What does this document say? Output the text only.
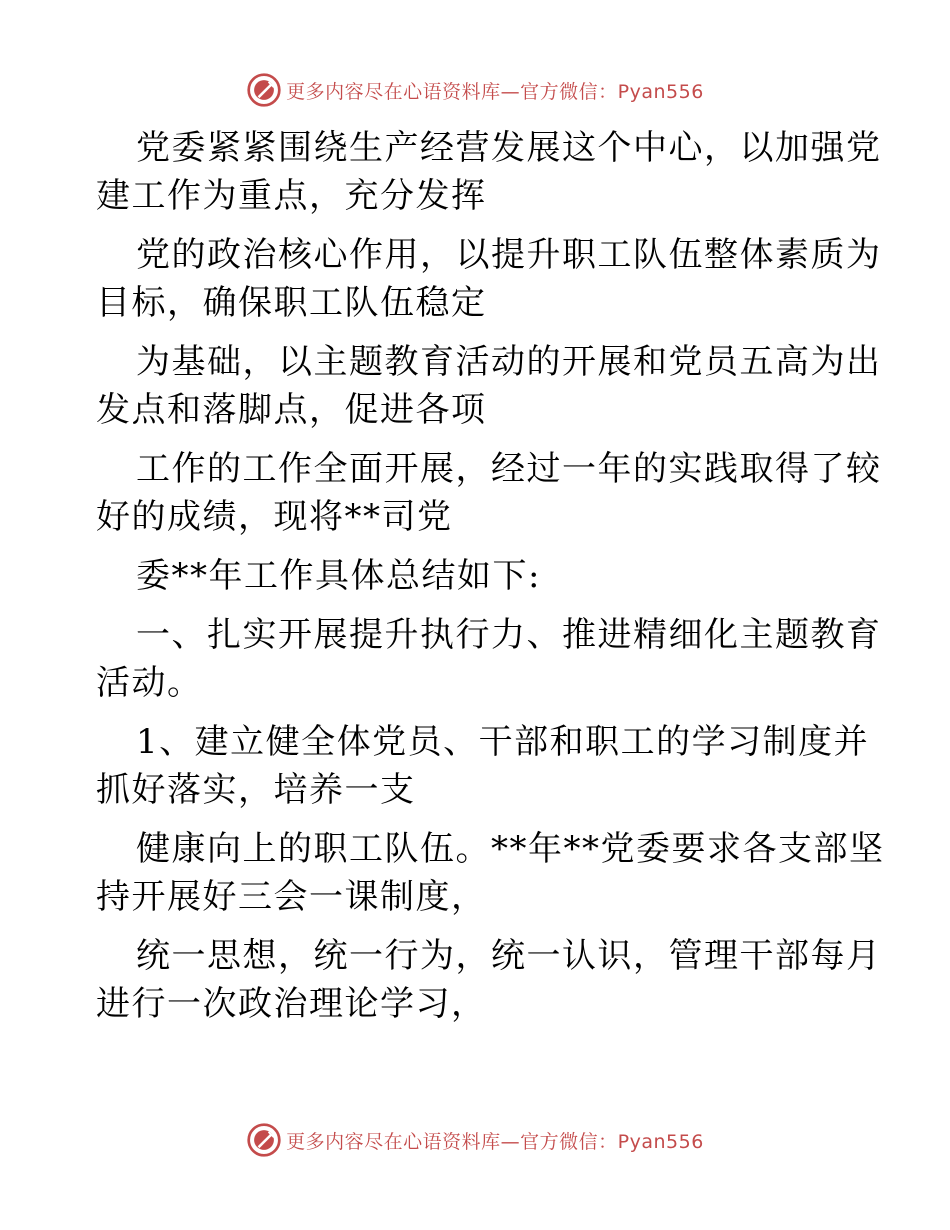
更多内容尽在心语资料库—官方微信：Pyan556
党委紧紧围绕生产经营发展这个中心，以加强党
建工作为重点，充分发挥
党的政治核心作用，以提升职工队伍整体素质为
目标，确保职工队伍稳定
为基础，以主题教育活动的开展和党员五高为出
发点和落脚点，促进各项
工作的工作全面开展，经过一年的实践取得了较
好的成绩，现将**司党
委**年工作具体总结如下:
一、扎实开展提升执行力、推进精细化主题教育
活动。
1、建立健全体党员、干部和职工的学习制度并
抓好落实，培养一支
健康向上的职工队伍。**年**党委要求各支部坚
持开展好三会一课制度，
统一思想，统一行为，统一认识，管理干部每月
进行一次政治理论学习，
更多内容尽在心语资料库—官方微信：Pyan556
